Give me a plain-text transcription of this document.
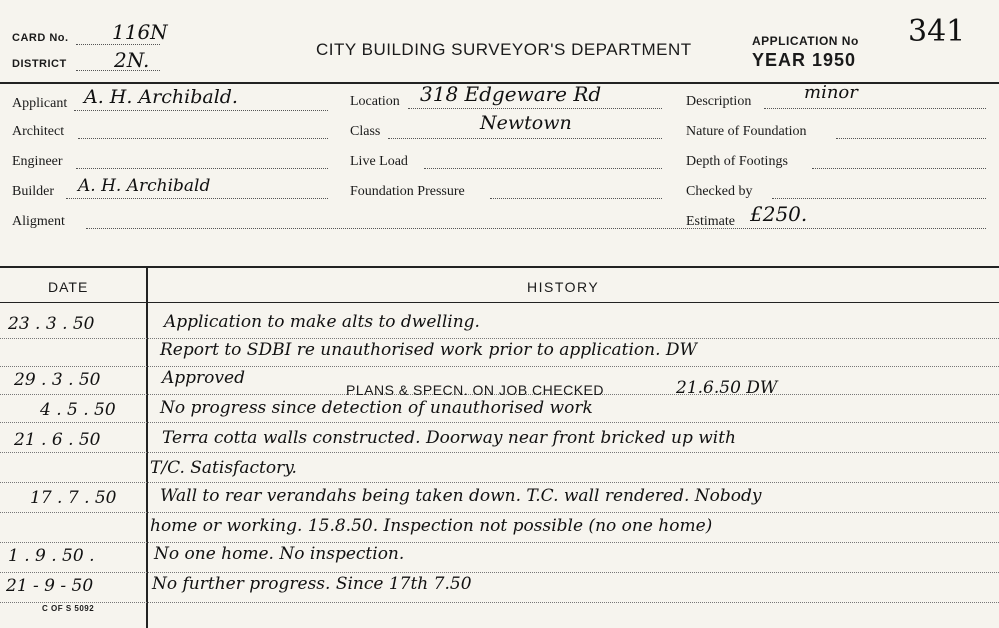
CARD No. 116N
DISTRICT 2N.	CITY BUILDING SURVEYOR'S DEPARTMENT	APPLICATION No 341
YEAR 1950
Applicant A. H. Archibald.
Architect
Engineer
Builder A. H. Archibald
Aligment
Location 318 Edgeware Rd
Class	Newtown
Live Load
Foundation Pressure
Description	minor
Nature of Foundation
Depth of Footings
Checked by
Estimate £250.
DATE	HISTORY
23 . 3 . 50	Application to make alts to dwelling.
Report to SDBI re unauthorised work prior to application. DW
29 . 3 . 50	Approved
PLANS & SPECN. ON JOB CHECKED	21.6.50 DW
4 . 5 . 50	No progress since detection of unauthorised work
21 . 6 . 50	Terra cotta walls constructed. Doorway near front bricked up with
T/C. Satisfactory.
17 . 7 . 50	Wall to rear verandahs being taken down. T.C. wall rendered. Nobody
home or working. 15.8.50. Inspection not possible (no one home)
1 . 9 . 50 .	No one home. No inspection.
21 - 9 - 50	No further progress. Since 17th 7.50
C OF S 5092
